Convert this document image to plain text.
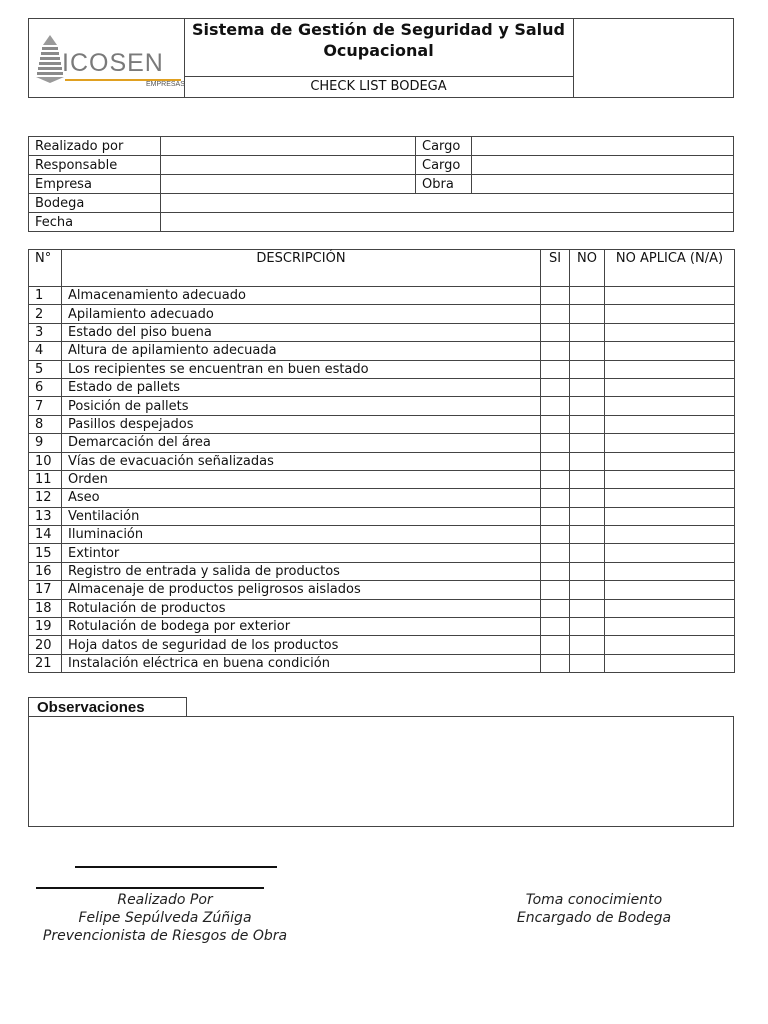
ICOSEN
EMPRESAS
Sistema de Gestión de Seguridad y Salud Ocupacional
CHECK LIST BODEGA
Realizado por		Cargo	
Responsable		Cargo	
Empresa		Obra	
Bodega			
Fecha			
N°	DESCRIPCIÓN	SI	NO	NO APLICA (N/A)
1	Almacenamiento adecuado			
2	Apilamiento adecuado			
3	Estado del piso buena			
4	Altura de apilamiento adecuada			
5	Los recipientes se encuentran en buen estado			
6	Estado de pallets			
7	Posición de pallets			
8	Pasillos despejados			
9	Demarcación del área			
10	Vías de evacuación señalizadas			
11	Orden			
12	Aseo			
13	Ventilación			
14	Iluminación			
15	Extintor			
16	Registro de entrada y salida de productos			
17	Almacenaje de productos peligrosos aislados			
18	Rotulación de productos			
19	Rotulación de bodega por exterior			
20	Hoja datos de seguridad de los productos			
21	Instalación eléctrica en buena condición			
Observaciones
Realizado Por
Felipe Sepúlveda Zúñiga
Prevencionista de Riesgos de Obra
Toma conocimiento
Encargado de Bodega
